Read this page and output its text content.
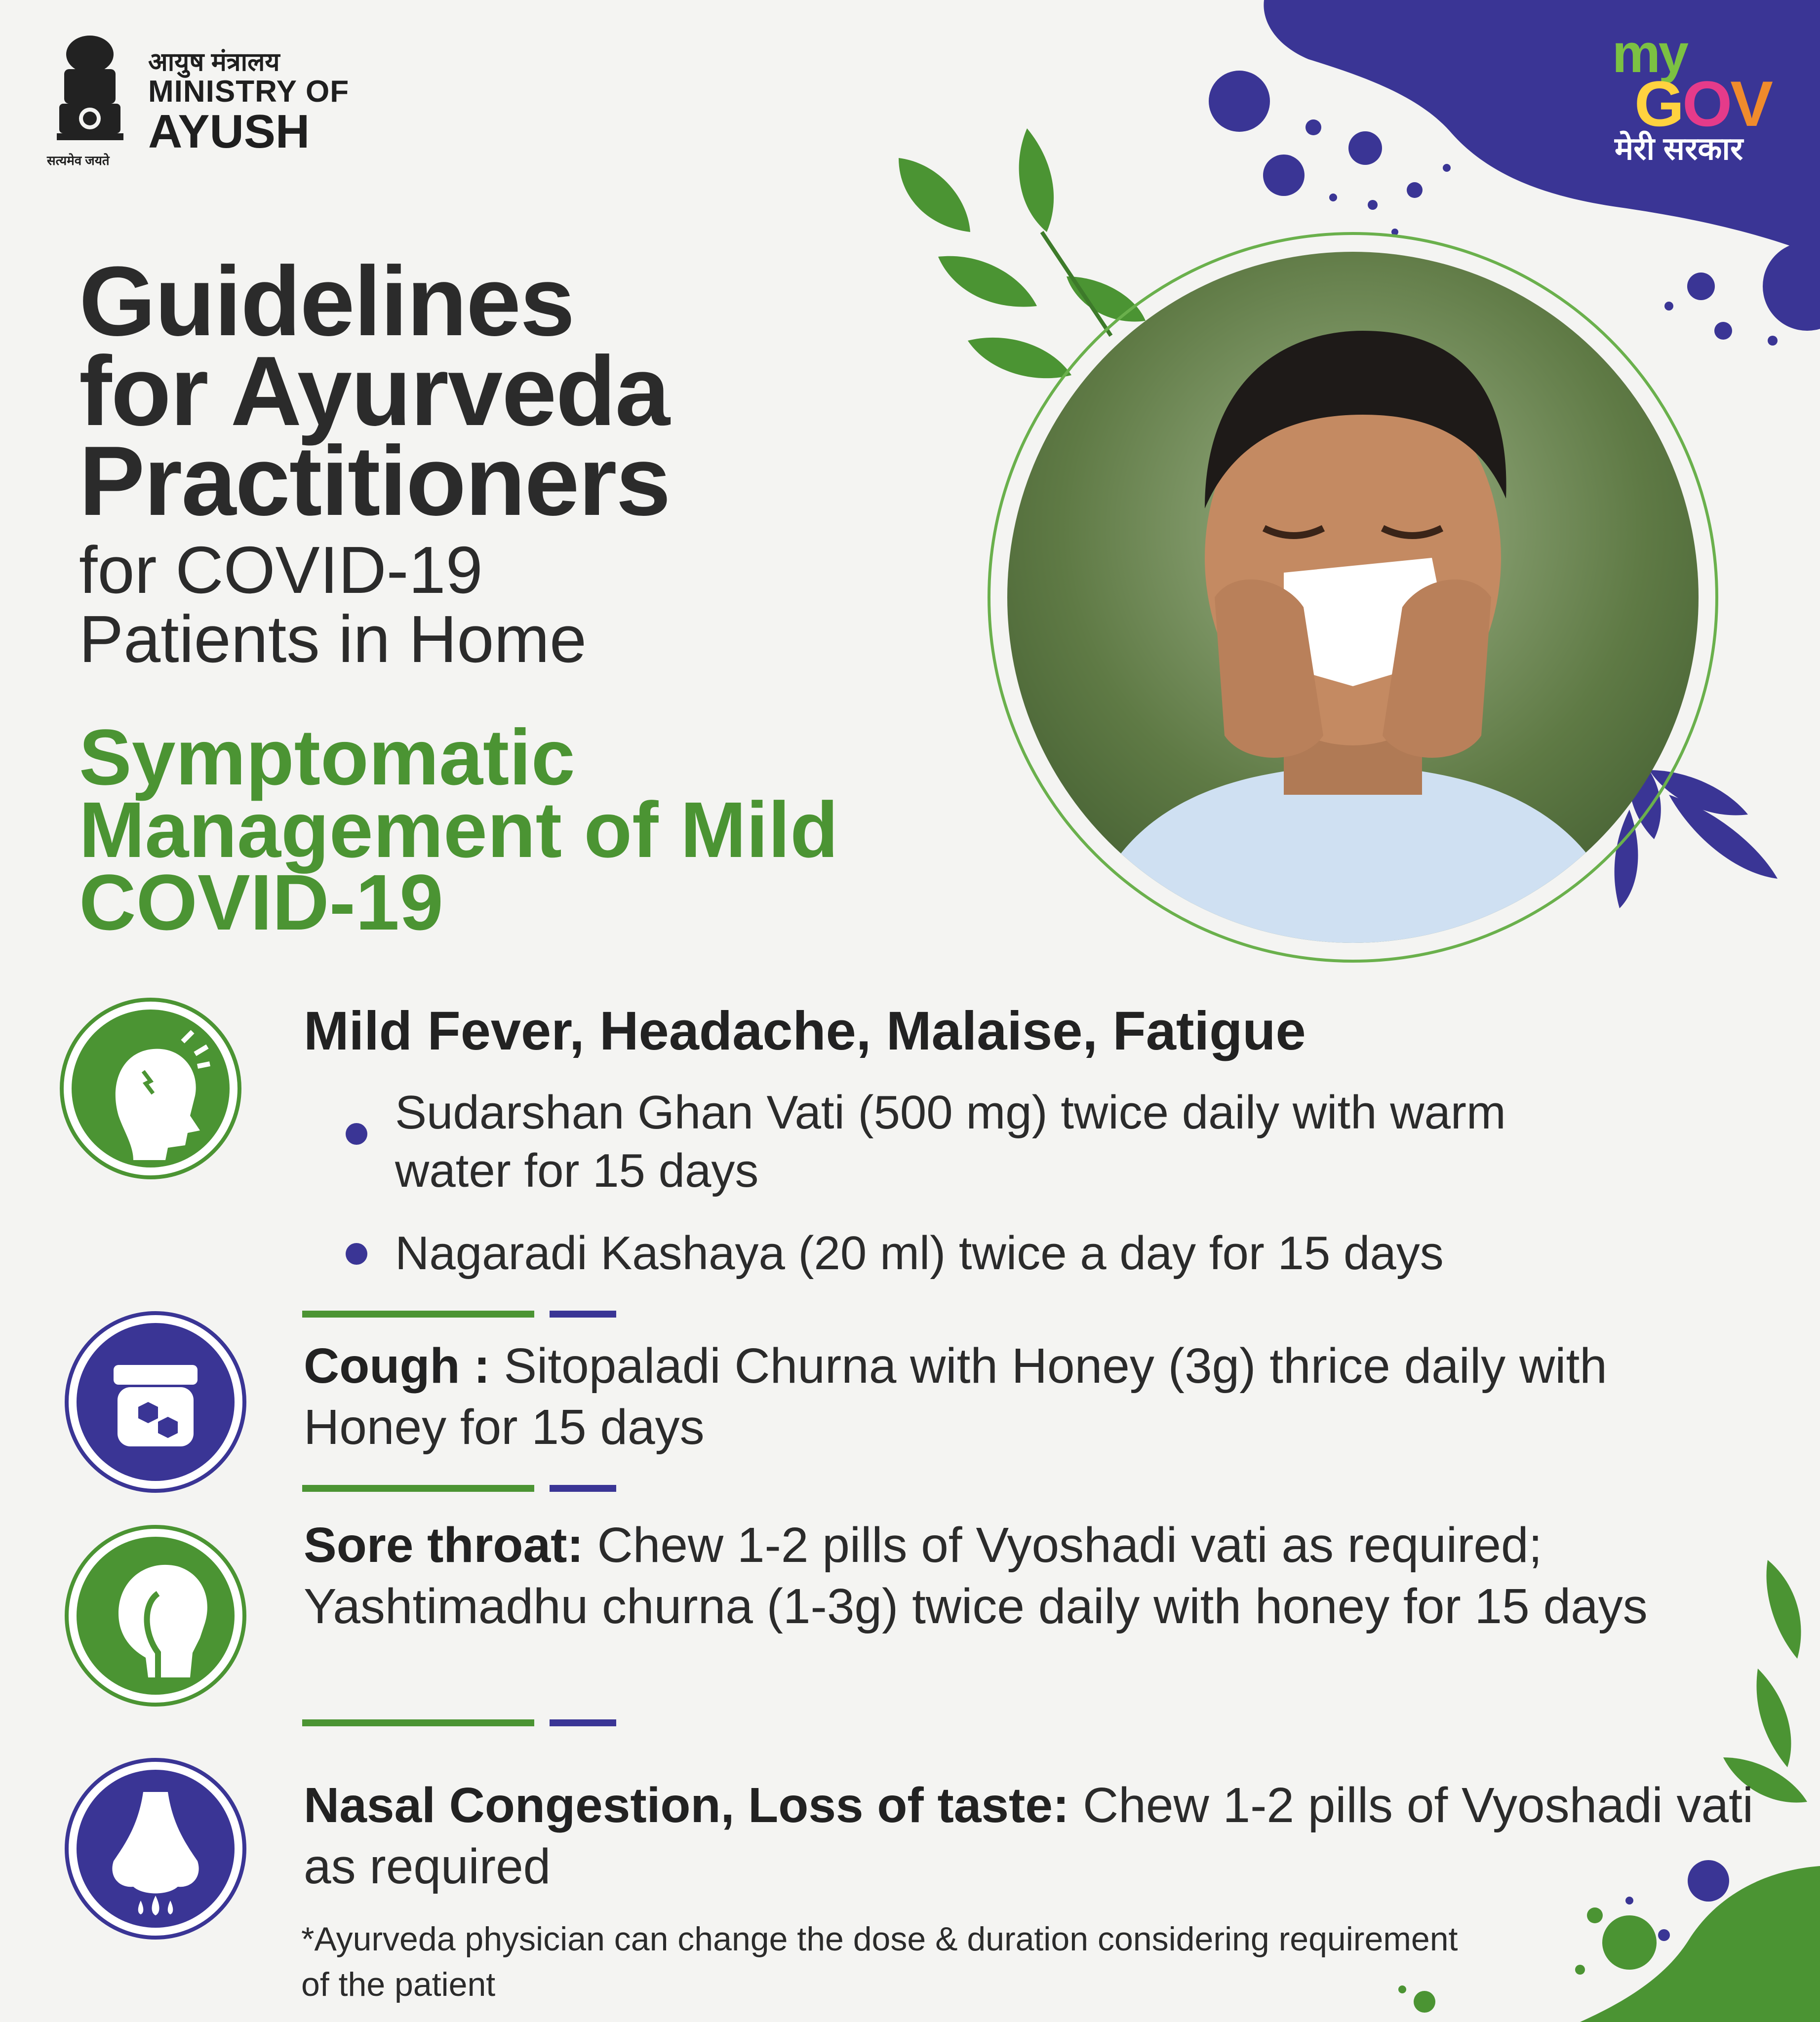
सत्यमेव जयते
आयुष मंत्रालय
MINISTRY OF
AYUSH
my
GOV
मेरी सरकार
Guidelines
for Ayurveda
Practitioners
for COVID-19
Patients in Home
Symptomatic
Management of Mild
COVID-19
Mild Fever, Headache, Malaise, Fatigue
Sudarshan Ghan Vati (500 mg) twice daily with warm water for 15 days
Nagaradi Kashaya (20 ml) twice a day for 15 days
Cough : Sitopaladi Churna with Honey (3g) thrice daily with Honey for 15 days
Sore throat: Chew 1-2 pills of Vyoshadi vati as required; Yashtimadhu churna (1-3g) twice daily with honey for 15 days
Nasal Congestion, Loss of taste: Chew 1-2 pills of Vyoshadi vati as required
*Ayurveda physician can change the dose & duration considering requirement of the patient
